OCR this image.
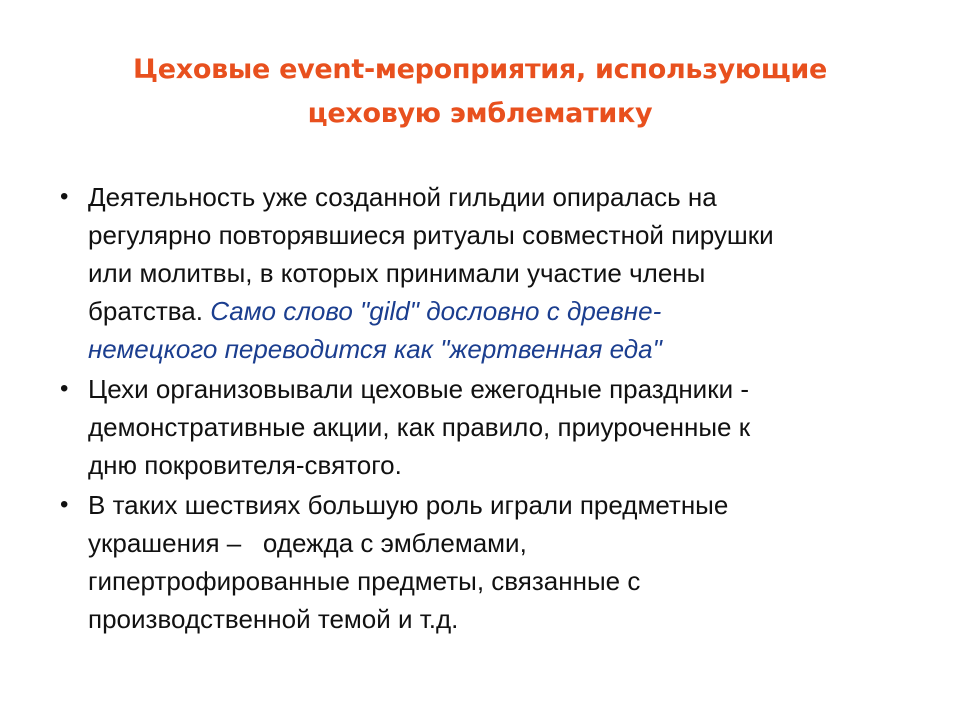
Цеховые event-мероприятия, использующие
цеховую эмблематику
• Деятельность уже созданной гильдии опиралась на
регулярно повторявшиеся ритуалы совместной пирушки
или молитвы, в которых принимали участие члены
братства. Само слово "gild" дословно с древне-
немецкого переводится как "жертвенная еда"
• Цехи организовывали цеховые ежегодные праздники -
демонстративные акции, как правило, приуроченные к
дню покровителя-святого.
• В таких шествиях большую роль играли предметные
украшения –   одежда с эмблемами,
гипертрофированные предметы, связанные с
производственной темой и т.д.
